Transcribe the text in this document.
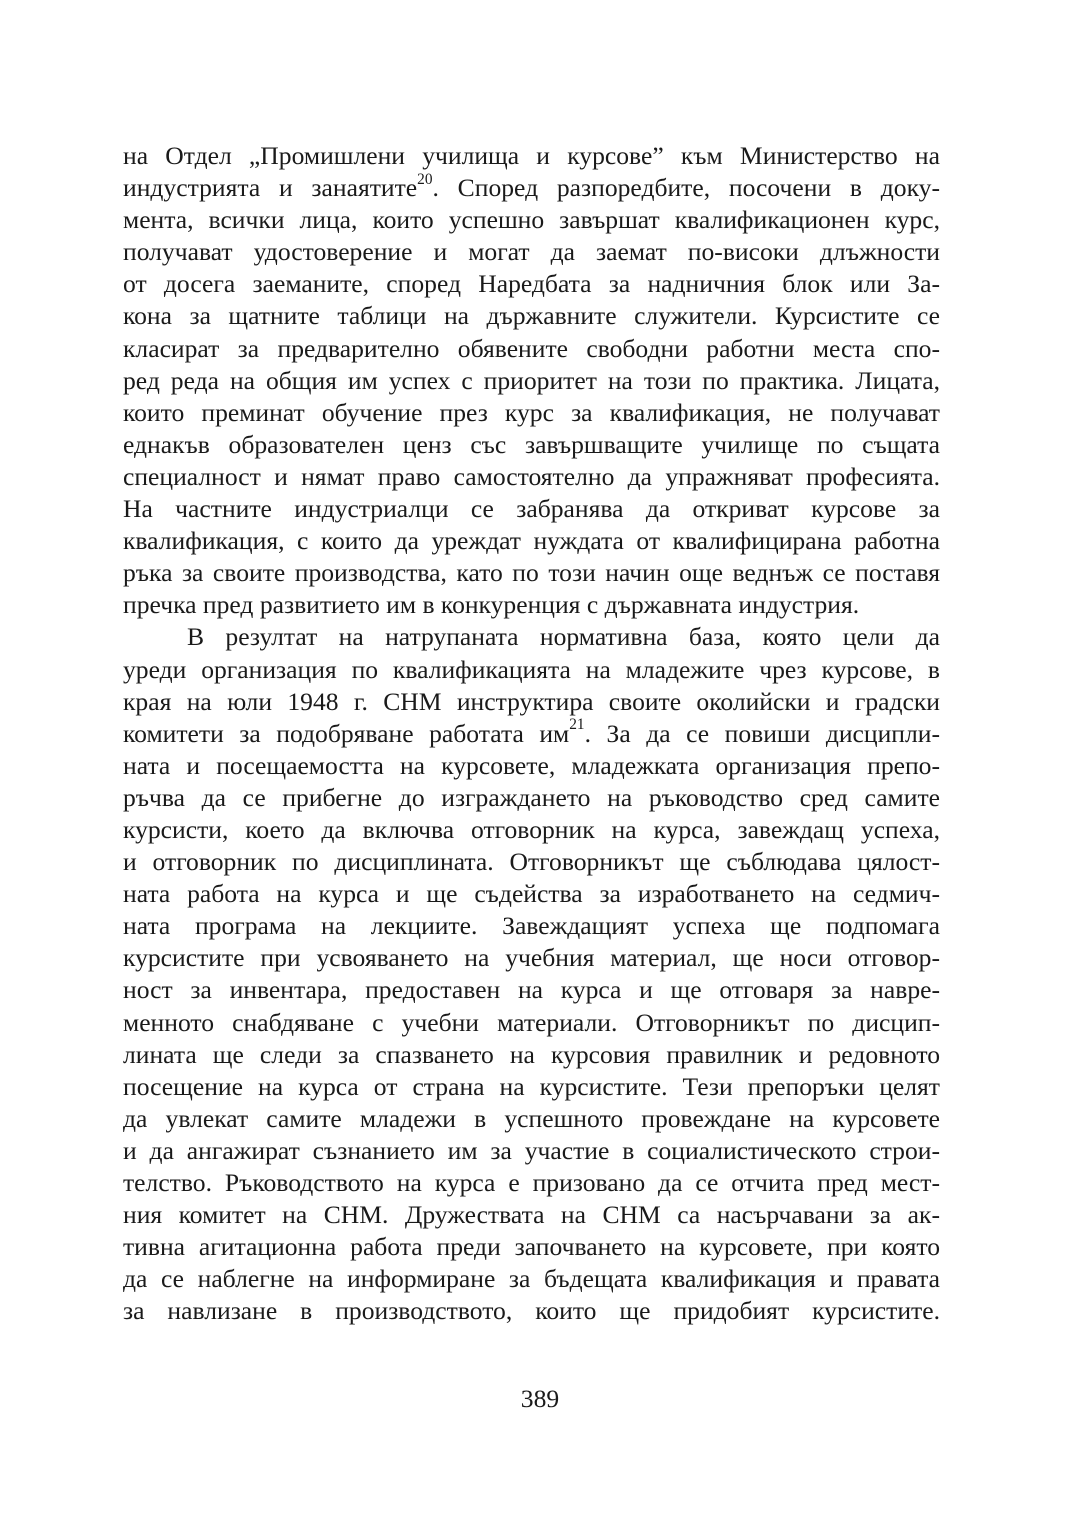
на Отдел „Промишлени училища и курсове” към Министерство на
индустрията и занаятите$^{20}$. Според разпоредбите, посочени в доку-
мента, всички лица, които успешно завършат квалификационен курс,
получават удостоверение и могат да заемат по-високи длъжности
от досега заеманите, според Наредбата за надничния блок или За-
кона за щатните таблици на държавните служители. Курсистите се
класират за предварително обявените свободни работни места спо-
ред реда на общия им успех с приоритет на този по практика. Лицата,
които преминат обучение през курс за квалификация, не получават
еднакъв образователен ценз със завършващите училище по същата
специалност и нямат право самостоятелно да упражняват професията.
На частните индустриалци се забранява да откриват курсове за
квалификация, с които да уреждат нуждата от квалифицирана работна
ръка за своите производства, като по този начин още веднъж се поставя
пречка пред развитието им в конкуренция с държавната индустрия.
В резултат на натрупаната нормативна база, която цели да
уреди организация по квалификацията на младежите чрез курсове, в
края на юли 1948 г. СНМ инструктира своите околийски и градски
комитети за подобряване работата $им^{21}$. За да се повиши дисципли-
ната и посещаемостта на курсовете, младежката организация препо-
ръчва да се прибегне до изграждането на ръководство сред самите
курсисти, което да включва отговорник на курса, завеждащ успеха,
и отговорник по дисциплината. Отговорникът ще съблюдава цялост-
ната работа на курса и ще съдейства за изработването на седмич-
ната програма на лекциите. Завеждащият успеха ще подпомага
курсистите при усвояването на учебния материал, ще носи отговор-
ност за инвентара, предоставен на курса и ще отговаря за навре-
менното снабдяване с учебни материали. Отговорникът по дисцип-
лината ще следи за спазването на курсовия правилник и редовното
посещение на курса от страна на курсистите. Тези препоръки целят
да увлекат самите младежи в успешното провеждане на курсовете
и да ангажират съзнанието им за участие в социалистическото строи-
телство. Ръководството на курса е призовано да се отчита пред мест-
ния комитет на СНМ. Дружествата на СНМ са насърчавани за ак-
тивна агитационна работа преди започването на курсовете, при която
да се наблегне на информиране за бъдещата квалификация и правата
за навлизане в производството, които ще придобият курсистите.
389
